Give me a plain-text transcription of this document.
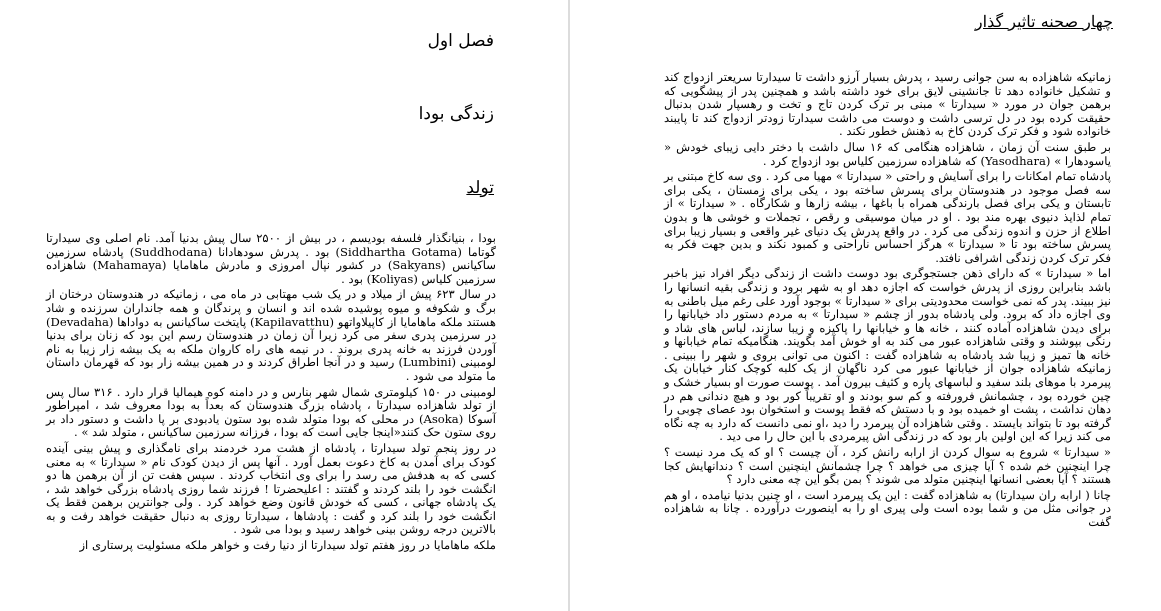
فصل اول
زندگی بودا
تولد

بودا ، بنیانگذار فلسفه بودیسم ، در بیش از ۲۵۰۰ سال پیش بدنیا آمد. نام اصلی وی سیدارتا گوتاما (Siddhartha Gotama) بود . پدرش سودهادانا (Suddhodana) پادشاه سرزمین ساکیانس (Sakyans) در کشور نپال امروزی و مادرش ماهامایا (Mahamaya) شاهزاده سرزمین کلیاس (Koliyas) بود .

در سال ۶۲۳ پیش از میلاد و در یک شب مهتابی در ماه می ، زمانیکه در هندوستان درختان از برگ و شکوفه و میوه پوشیده شده اند و انسان و پرندگان و همه جانداران سرزنده و شاد هستند ملکه ماهامایا از کاپیلاواتهو (Kapilavatthu) پایتخت ساکیانس به دواداها (Devadaha) در سرزمین پدری سفر می کرد زیرا آن زمان در هندوستان رسم این بود که زنان برای بدنیا آوردن فرزند به خانه پدری بروند . در نیمه های راه کاروان ملکه به یک بیشه زار زیبا به نام لومبینی (Lumbini) رسید و در آنجا اطراق کردند و در همین بیشه زار بود که قهرمان داستان ما متولد می شود .

لومبینی در ۱۵۰ کیلومتری شمال شهر بنارس و در دامنه کوه هیمالیا قرار دارد . ۳۱۶ سال پس از تولد شاهزاده سیدارتا ، پادشاه بزرگ هندوستان که بعداً به بودا معروف شد ، امپراطور آسوکا (Asoka) در محلی که بودا متولد شده بود ستون یادبودی بر پا داشت و دستور داد بر روی ستون حک کنند«اینجا جایی است که بودا ، فرزانه سرزمین ساکیانس ، متولد شد » .

در روز پنجم تولد سیدارتا ، پادشاه از هشت مرد خردمند برای نامگذاری و پیش بینی آینده کودک برای آمدن به کاخ دعوت بعمل آورد . آنها پس از دیدن کودک نام « سیدارتا » به معنی کسی که به هدفش می رسد را برای وی انتخاب کردند . سپس هفت تن از آن برهمن ها دو انگشت خود را بلند کردند و گفتند : اعلیحضرتا ! فرزند شما روزی پادشاه بزرگی خواهد شد ، یک پادشاه جهانی ، کسی که خودش قانون وضع خواهد کرد . ولی جوانترین برهمن فقط یک انگشت خود را بلند کرد و گفت : پادشاها ، سیدارتا روزی به دنبال حقیقت خواهد رفت و به بالاترین درجه روشن بینی خواهد رسید و بودا می شود .

ملکه ماهامایا در روز هفتم تولد سیدارتا از دنیا رفت و خواهر ملکه مسئولیت پرستاری از

چهار صحنه تاثیر گذار

زمانیکه شاهزاده به سن جوانی رسید ، پدرش بسیار آرزو داشت تا سیدارتا سریعتر ازدواج کند و تشکیل خانواده دهد تا جانشینی لایق برای خود داشته باشد و همچنین پدر از پیشگویی که برهمن جوان در مورد « سیدارتا » مبنی بر ترک کردن تاج و تخت و رهسپار شدن بدنبال حقیقت کرده بود در دل ترسی داشت و دوست می داشت سیدارتا زودتر ازدواج کند تا پایبند خانواده شود و فکر ترک کردن کاخ به ذهنش خطور نکند .

بر طبق سنت آن زمان ، شاهزاده هنگامی که ۱۶ سال داشت با دختر دایی زیبای خودش « یاسودهارا » (Yasodhara) که شاهزاده سرزمین کلیاس بود ازدواج کرد .

پادشاه تمام امکانات را برای آسایش و راحتی « سیدارتا » مهیا می کرد . وی سه کاخ مبتنی بر سه فصل موجود در هندوستان برای پسرش ساخته بود ، یکی برای زمستان ، یکی برای تابستان و یکی برای فصل بارندگی همراه با باغها ، بیشه زارها و شکارگاه . « سیدارتا » از تمام لذایذ دنیوی بهره مند بود . او در میان موسیقی و رقص ، تجملات و خوشی ها و بدون اطلاع از حزن و اندوه زندگی می کرد . در واقع پدرش یک دنیای غیر واقعی و بسیار زیبا برای پسرش ساخته بود تا « سیدارتا » هرگز احساس ناراحتی و کمبود نکند و بدین جهت فکر به فکر ترک کردن زندگی اشرافی نافتد.

اما « سیدارتا » که دارای ذهن جستجوگری بود دوست داشت از زندگی دیگر افراد نیز باخبر باشد بنابراین روزی از پدرش خواست که اجازه دهد او به شهر برود و زندگی بقیه انسانها را نیز ببیند. پدر که نمی خواست محدودیتی برای « سیدارتا » بوجود آورد علی رغم میل باطنی به وی اجازه داد که برود. ولی پادشاه بدور از چشم « سیدارتا » به مردم دستور داد خیابانها را برای دیدن شاهزاده آماده کنند ، خانه ها و خیابانها را پاکیزه و زیبا سازند، لباس های شاد و رنگی بپوشند و وقتی شاهزاده عبور می کند به او خوش آمد بگویند. هنگامیکه تمام خیابانها و خانه ها تمیز و زیبا شد پادشاه به شاهزاده گفت : اکنون می توانی بروی و شهر را ببینی . زمانیکه شاهزاده جوان از خیابانها عبور می کرد ناگهان از یک کلبه کوچک کنار خیابان یک پیرمرد با موهای بلند سفید و لباسهای پاره و کثیف بیرون آمد . پوست صورت او بسیار خشک و چین خورده بود ، چشمانش فرورفته و کم سو بودند و او تقریباً کور بود و هیچ دندانی هم در دهان نداشت ، پشت او خمیده بود و با دستش که فقط پوست و استخوان بود عصای چوبی را گرفته بود تا بتواند بایستد . وقتی شاهزاده آن پیرمرد را دید ،او نمی دانست که دارد به چه نگاه می کند زیرا که این اولین بار بود که در زندگی اش پیرمردی با این حال را می دید .

« سیدارتا » شروع به سوال کردن از ارابه رانش کرد ، آن چیست ؟ او که یک مرد نیست ؟ چرا اینچنین خم شده ؟ آیا چیزی می خواهد ؟ چرا چشمانش اینچنین است ؟ دندانهایش کجا هستند ؟ آیا بعضی انسانها اینچنین متولد می شوند ؟ بمن بگو این چه معنی دارد ؟

چانا ( ارابه ران سیدارتا) به شاهزاده گفت : این یک پیرمرد است ، او چنین بدنیا نیامده ، او هم در جوانی مثل من و شما بوده است ولی پیری او را به اینصورت درآورده . چانا به شاهزاده گفت
